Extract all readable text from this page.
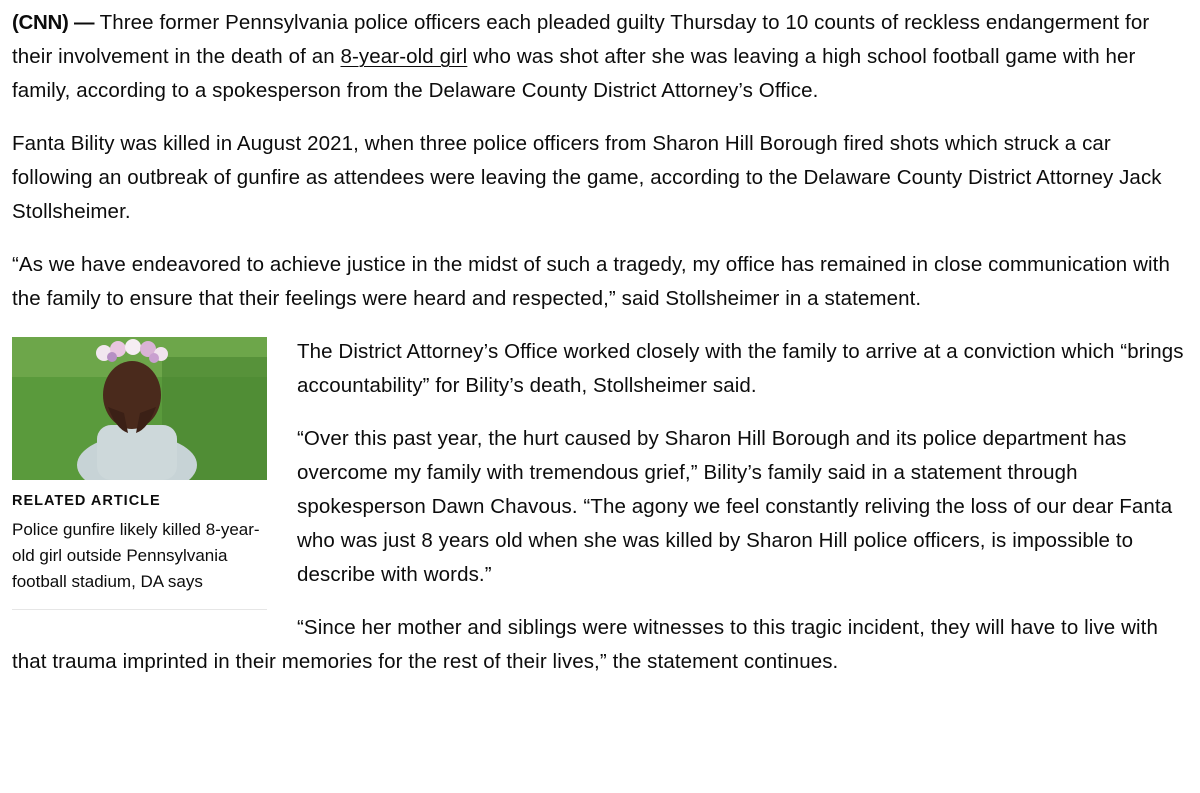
(CNN) — Three former Pennsylvania police officers each pleaded guilty Thursday to 10 counts of reckless endangerment for their involvement in the death of an 8-year-old girl who was shot after she was leaving a high school football game with her family, according to a spokesperson from the Delaware County District Attorney’s Office.

Fanta Bility was killed in August 2021, when three police officers from Sharon Hill Borough fired shots which struck a car following an outbreak of gunfire as attendees were leaving the game, according to the Delaware County District Attorney Jack Stollsheimer.

“As we have endeavored to achieve justice in the midst of such a tragedy, my office has remained in close communication with the family to ensure that their feelings were heard and respected,” said Stollsheimer in a statement.

RELATED ARTICLE
Police gunfire likely killed 8-year-old girl outside Pennsylvania football stadium, DA says

The District Attorney’s Office worked closely with the family to arrive at a conviction which “brings accountability” for Bility’s death, Stollsheimer said.

“Over this past year, the hurt caused by Sharon Hill Borough and its police department has overcome my family with tremendous grief,” Bility’s family said in a statement through spokesperson Dawn Chavous. “The agony we feel constantly reliving the loss of our dear Fanta who was just 8 years old when she was killed by Sharon Hill police officers, is impossible to describe with words.”

“Since her mother and siblings were witnesses to this tragic incident, they will have to live with that trauma imprinted in their memories for the rest of their lives,” the statement continues.
